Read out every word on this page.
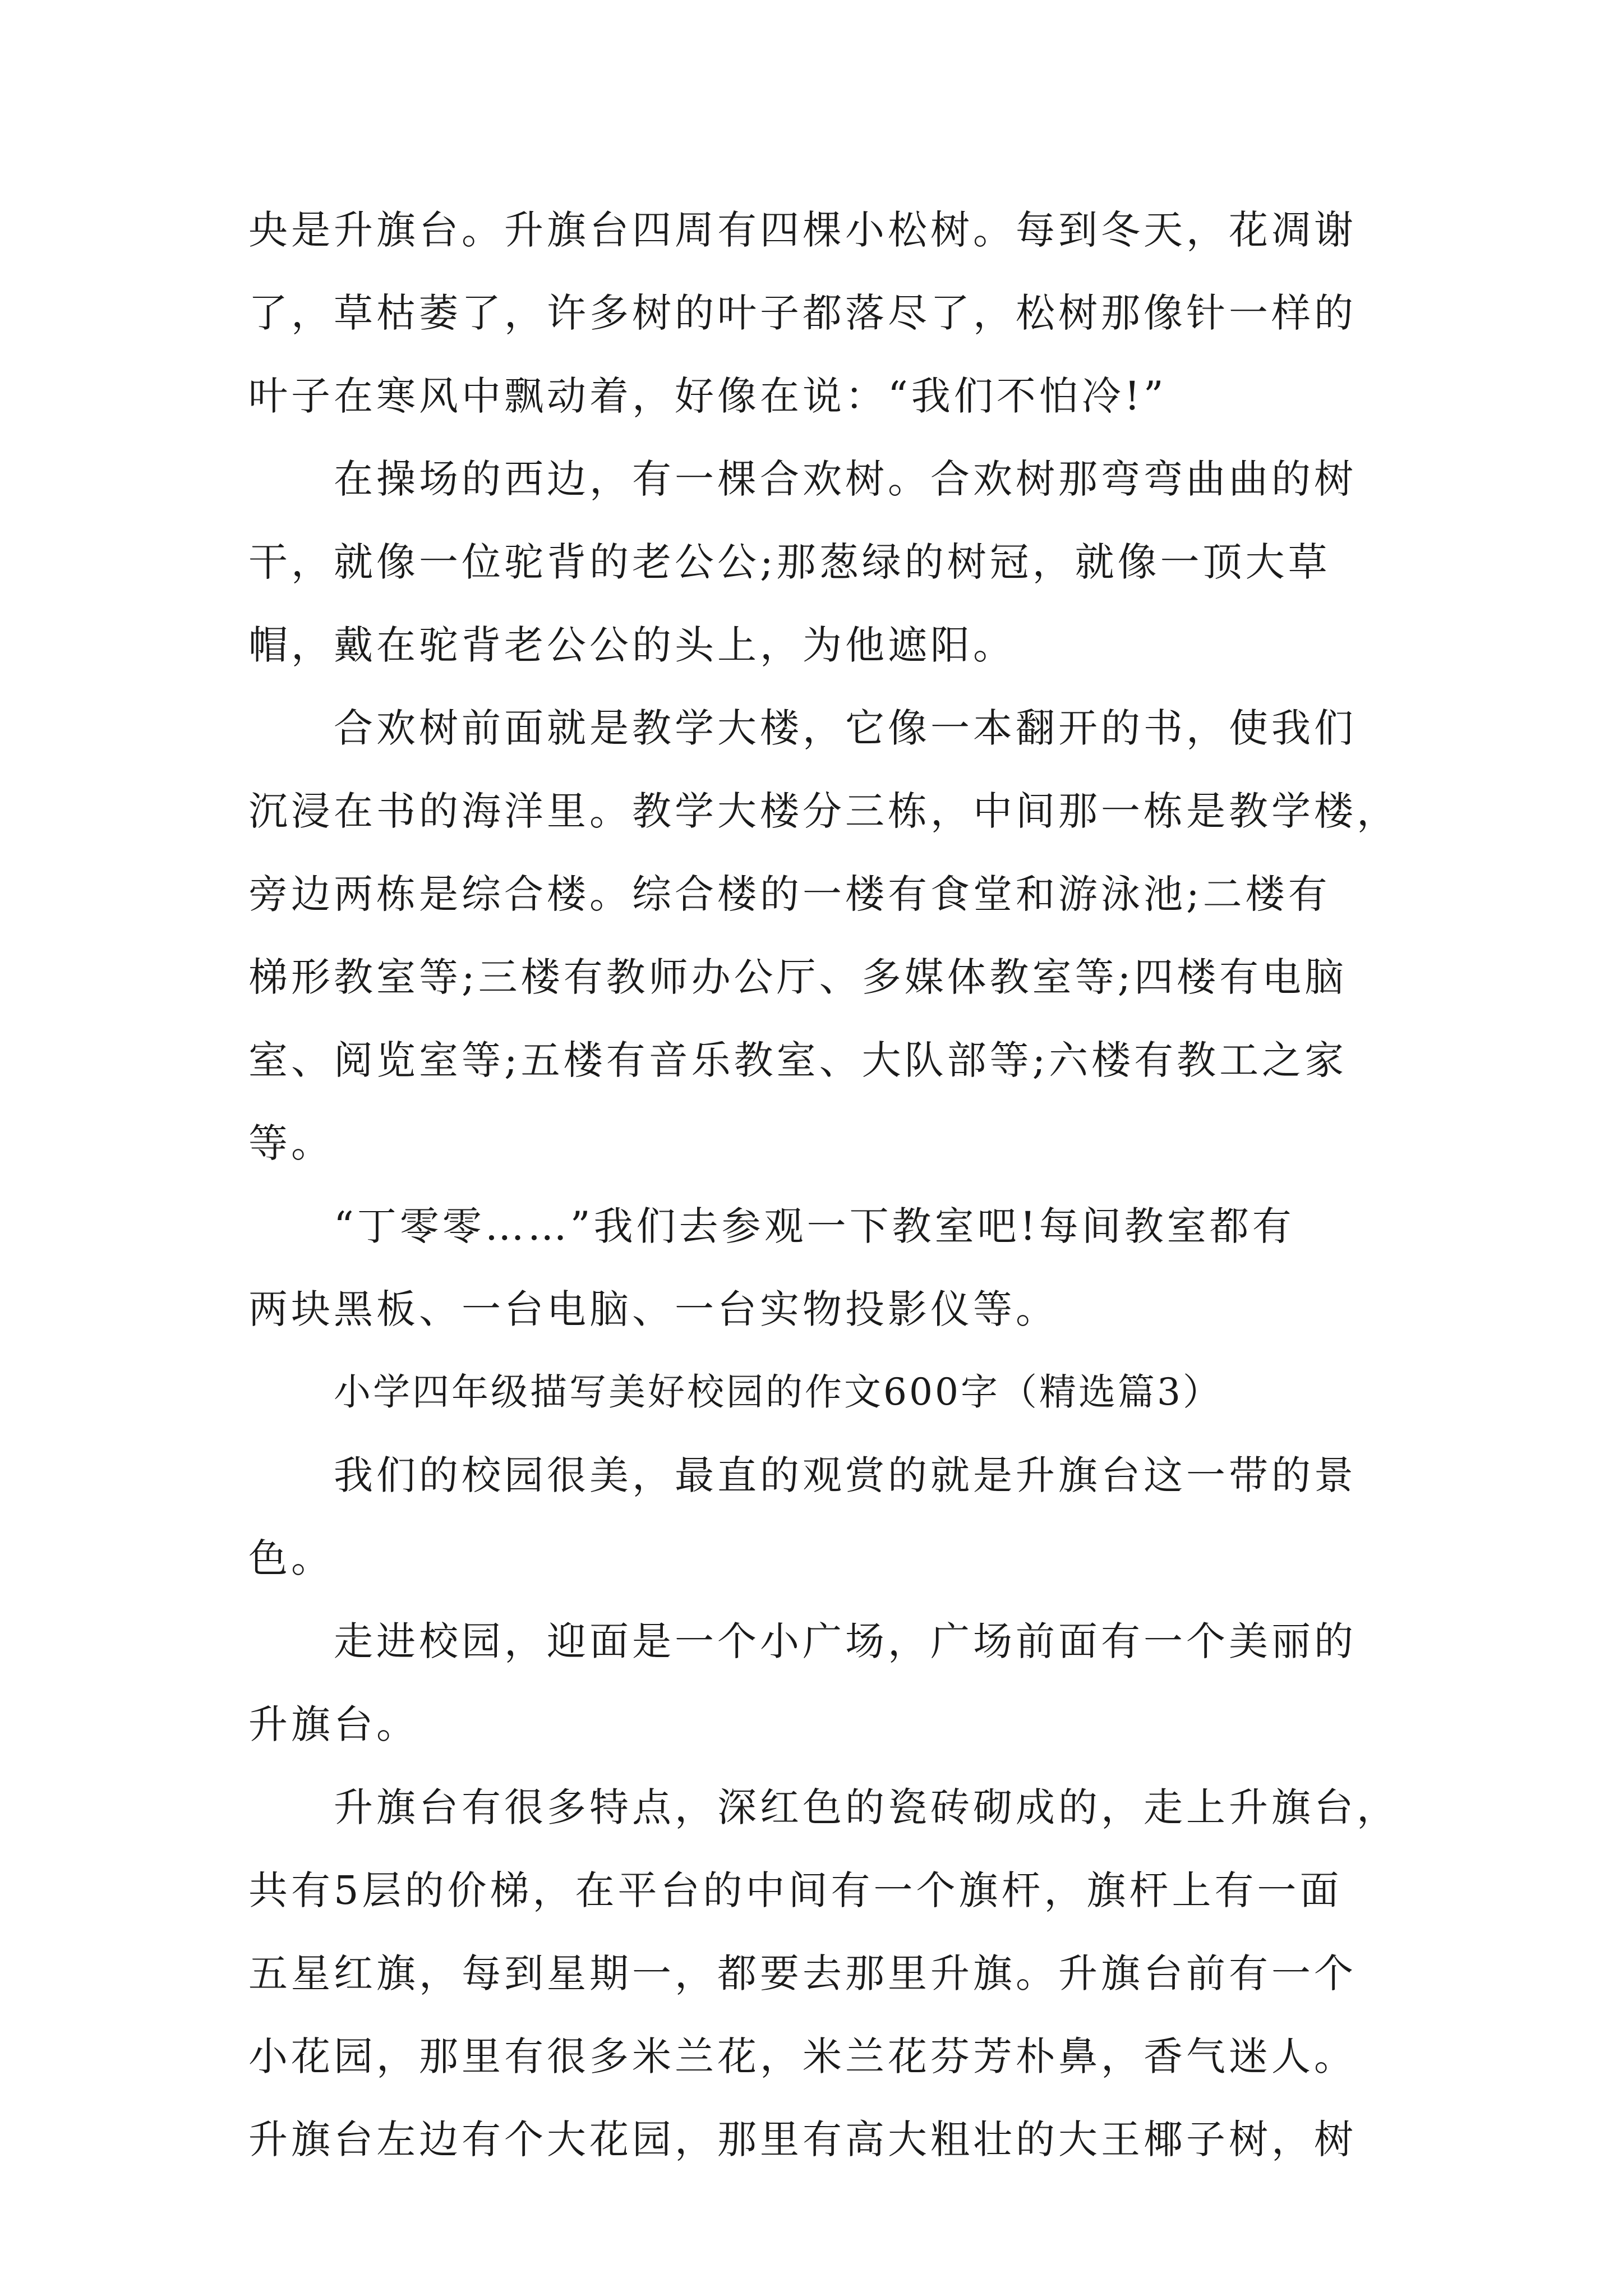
央是升旗台。升旗台四周有四棵小松树。每到冬天，花凋谢
了，草枯萎了，许多树的叶子都落尽了，松树那像针一样的
叶子在寒风中飘动着，好像在说：“我们不怕冷!”
在操场的西边，有一棵合欢树。合欢树那弯弯曲曲的树
干，就像一位驼背的老公公;那葱绿的树冠，就像一顶大草
帽，戴在驼背老公公的头上，为他遮阳。
合欢树前面就是教学大楼，它像一本翻开的书，使我们
沉浸在书的海洋里。教学大楼分三栋，中间那一栋是教学楼，
旁边两栋是综合楼。综合楼的一楼有食堂和游泳池;二楼有
梯形教室等;三楼有教师办公厅、多媒体教室等;四楼有电脑
室、阅览室等;五楼有音乐教室、大队部等;六楼有教工之家
等。
“丁零零……”我们去参观一下教室吧!每间教室都有
两块黑板、一台电脑、一台实物投影仪等。
小学四年级描写美好校园的作文600字（精选篇3）
我们的校园很美，最直的观赏的就是升旗台这一带的景
色。
走进校园，迎面是一个小广场，广场前面有一个美丽的
升旗台。
升旗台有很多特点，深红色的瓷砖砌成的，走上升旗台，
共有5层的价梯，在平台的中间有一个旗杆，旗杆上有一面
五星红旗，每到星期一，都要去那里升旗。升旗台前有一个
小花园，那里有很多米兰花，米兰花芬芳朴鼻，香气迷人。
升旗台左边有个大花园，那里有高大粗壮的大王椰子树，树
